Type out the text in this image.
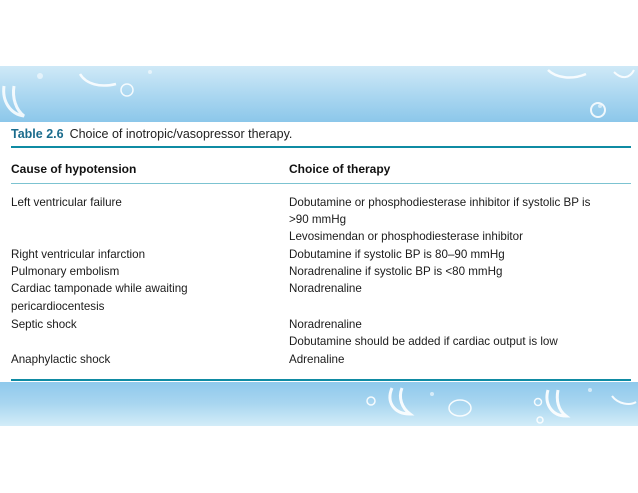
Table 2.6 Choice of inotropic/vasopressor therapy.
Cause of hypotension	Choice of therapy
Left ventricular failure
Right ventricular infarction
Pulmonary embolism
Cardiac tamponade while awaiting
pericardiocentesis
Septic shock
Anaphylactic shock
Dobutamine or phosphodiesterase inhibitor if systolic BP is
>90 mmHg
Levosimendan or phosphodiesterase inhibitor
Dobutamine if systolic BP is 80–90 mmHg
Noradrenaline if systolic BP is <80 mmHg
Noradrenaline
Noradrenaline
Dobutamine should be added if cardiac output is low
Adrenaline
